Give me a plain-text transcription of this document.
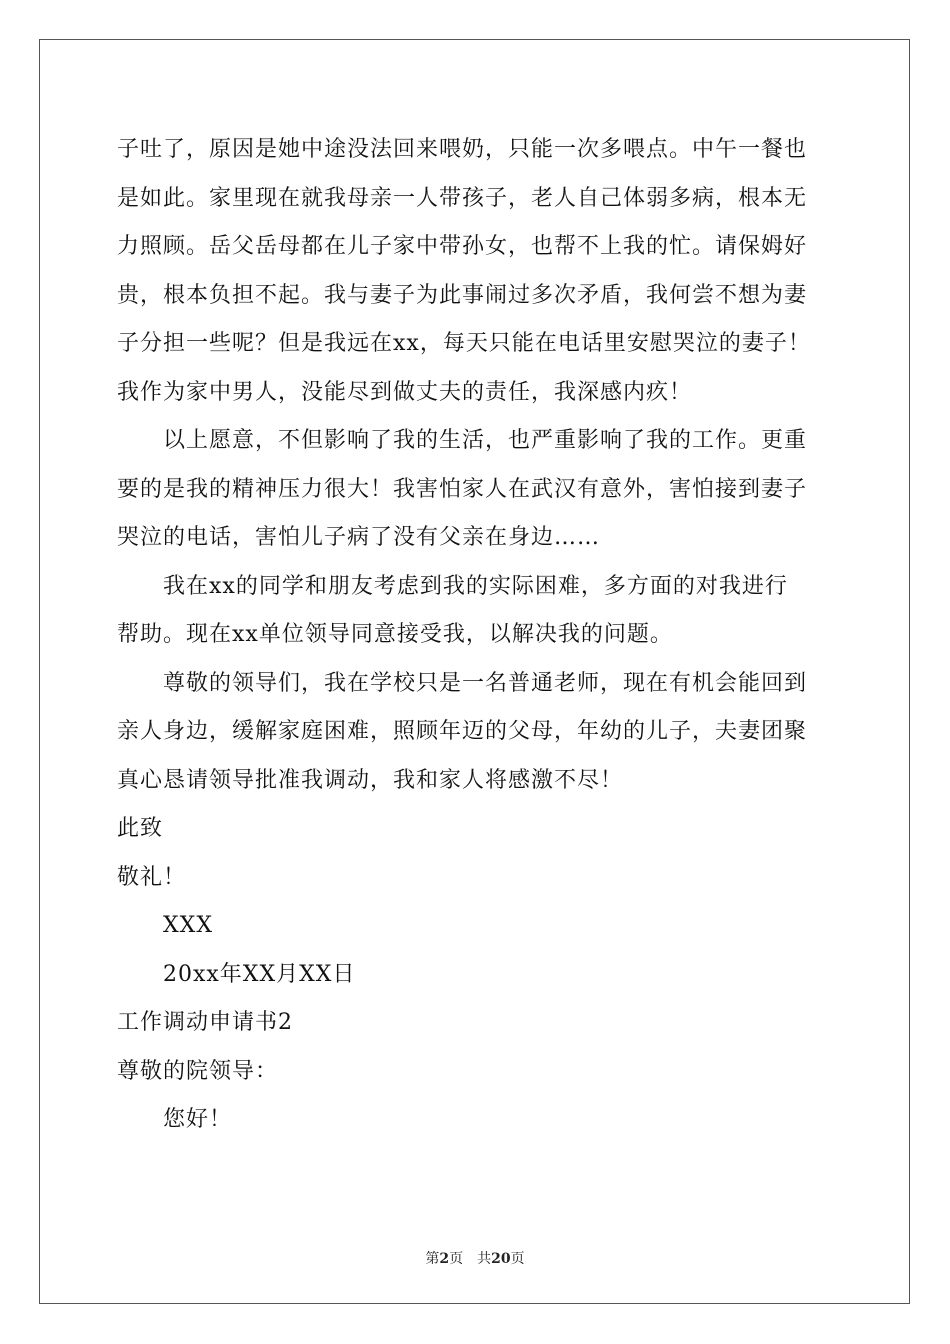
子吐了，原因是她中途没法回来喂奶，只能一次多喂点。中午一餐也
是如此。家里现在就我母亲一人带孩子，老人自己体弱多病，根本无
力照顾。岳父岳母都在儿子家中带孙女，也帮不上我的忙。请保姆好
贵，根本负担不起。我与妻子为此事闹过多次矛盾，我何尝不想为妻
子分担一些呢？但是我远在xx，每天只能在电话里安慰哭泣的妻子！
我作为家中男人，没能尽到做丈夫的责任，我深感内疚！
以上愿意，不但影响了我的生活，也严重影响了我的工作。更重
要的是我的精神压力很大！我害怕家人在武汉有意外，害怕接到妻子
哭泣的电话，害怕儿子病了没有父亲在身边……
我在xx的同学和朋友考虑到我的实际困难，多方面的对我进行
帮助。现在xx单位领导同意接受我，以解决我的问题。
尊敬的领导们，我在学校只是一名普通老师，现在有机会能回到
亲人身边，缓解家庭困难，照顾年迈的父母，年幼的儿子，夫妻团聚
真心恳请领导批准我调动，我和家人将感激不尽！
此致
敬礼！
XXX
20xx年XX月XX日
工作调动申请书2
尊敬的院领导：
您好！
第2页　共20页
